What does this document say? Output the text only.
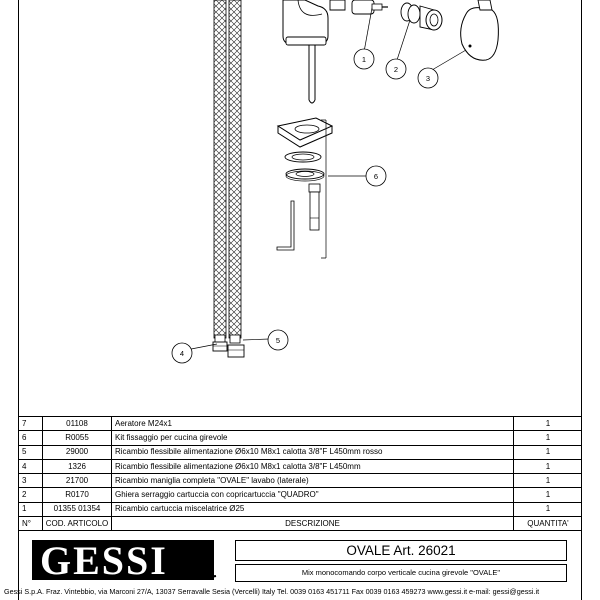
1
2
3
4
5
6
7	01108	Aeratore M24x1	1
6	R0055	Kit fissaggio per cucina girevole	1
5	29000	Ricambio flessibile alimentazione Ø6x10 M8x1 calotta 3/8"F L450mm rosso	1
4	1326	Ricambio flessibile alimentazione Ø6x10 M8x1 calotta 3/8"F L450mm	1
3	21700	Ricambio maniglia completa "OVALE" lavabo (laterale)	1
2	R0170	Ghiera serraggio cartuccia con copricartuccia "QUADRO"	1
1	01355 01354	Ricambio cartuccia miscelatrice Ø25	1
N°	COD. ARTICOLO	DESCRIZIONE	QUANTITA'
GESSI	OVALE Art. 26021
Mix monocomando corpo verticale cucina girevole "OVALE"
Gessi S.p.A. Fraz. Vintebbio, via Marconi 27/A, 13037 Serravalle Sesia (Vercelli) Italy Tel. 0039 0163 451711 Fax 0039 0163 459273 www.gessi.it e-mail: gessi@gessi.it
